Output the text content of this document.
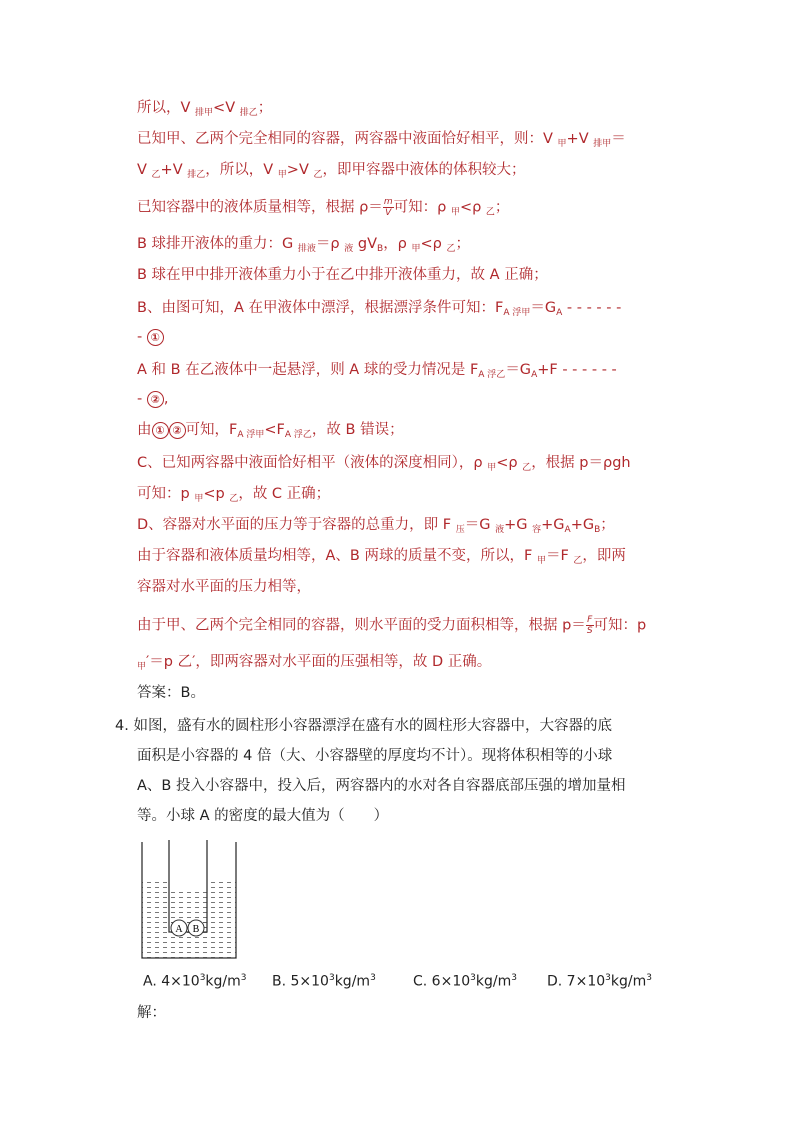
所以，V $_{排甲}$<V $_{排乙}$；
已知甲、乙两个完全相同的容器，两容器中液面恰好相平，则：V $_甲$+V $_{排甲}$＝
V $_乙$+V $_{排乙}$，所以，V $_甲$>V $_乙$，即甲容器中液体的体积较大；
已知容器中的液体质量相等，根据 $\rho= \frac{m}{V}$ 可知：ρ $_甲$<ρ $_乙$；
B 球排开液体的重力：G $_{排液}$＝ρ $_液$ $gV_B$，ρ $_甲$<ρ $_乙$；
B 球在甲中排开液体重力小于在乙中排开液体重力，故 A 正确；
B、由图可知，A 在甲液体中漂浮，根据漂浮条件可知：$F_{A 浮甲}=G_A$ - - - - - -
- ①
A 和 B 在乙液体中一起悬浮，则 A 球的受力情况是 $F_{A 浮乙}=G_A+F$ - - - - - -
- ② ,
由 ① ② 可知，$F_{A 浮甲}<F_{A 浮乙}$，故 B 错误；
C、已知两容器中液面恰好相平（液体的深度相同），ρ $_甲$<ρ $_乙$，根据 p＝ρgh
可知：p $_甲$<p $_乙$，故 C 正确；
D、容器对水平面的压力等于容器的总重力，即 F $_压$＝G $_液$+G $_容+G_A+G_B$；
由于容器和液体质量均相等，A、B 两球的质量不变，所以，F $_甲$＝F $_乙$，即两
容器对水平面的压力相等，
由于甲、乙两个完全相同的容器，则水平面的受力面积相等，根据 $p= \frac{F}{S}$ 可知：p
$_甲$′＝p 乙′，即两容器对水平面的压强相等，故 D 正确。
答案：B。
4. 如图，盛有水的圆柱形小容器漂浮在盛有水的圆柱形大容器中，大容器的底
面积是小容器的 4 倍（大、小容器壁的厚度均不计）。现将体积相等的小球
A、B 投入小容器中，投入后，两容器内的水对各自容器底部压强的增加量相
等。小球 A 的密度的最大值为（　　）
A B
A. $4\times 10^3kg/m^3$ B. $5\times 10^3kg/m^3$	C. $6\times 10^3kg/m^3$ D. $7\times 10^3kg/m^3$
解：
